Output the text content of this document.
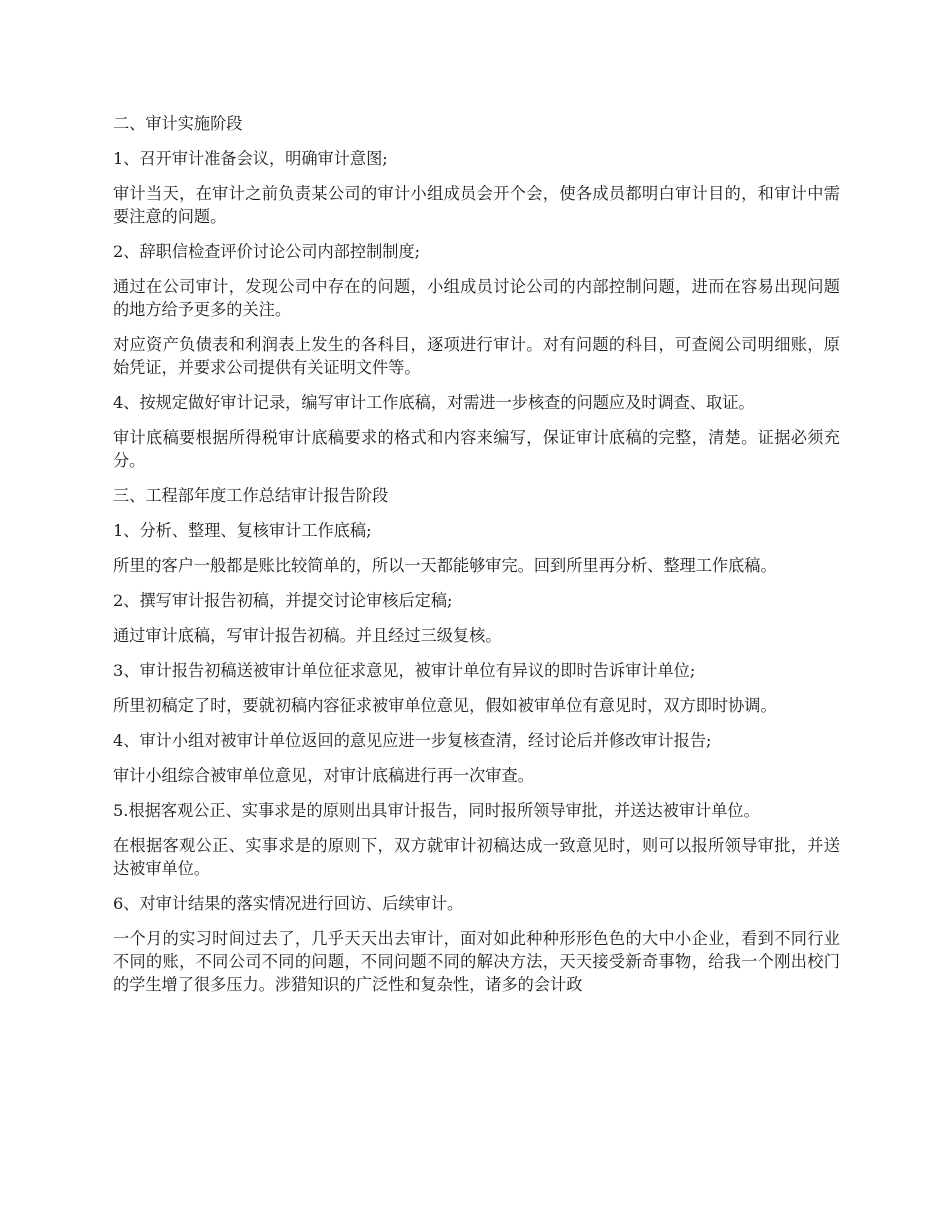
二、审计实施阶段

1、召开审计准备会议，明确审计意图;

审计当天，在审计之前负责某公司的审计小组成员会开个会，使各成员都明白审计目的，和审计中需要注意的问题。

2、辞职信检查评价讨论公司内部控制制度;

通过在公司审计，发现公司中存在的问题，小组成员讨论公司的内部控制问题，进而在容易出现问题的地方给予更多的关注。

对应资产负债表和利润表上发生的各科目，逐项进行审计。对有问题的科目，可查阅公司明细账，原始凭证，并要求公司提供有关证明文件等。

4、按规定做好审计记录，编写审计工作底稿，对需进一步核查的问题应及时调查、取证。

审计底稿要根据所得税审计底稿要求的格式和内容来编写，保证审计底稿的完整，清楚。证据必须充分。

三、工程部年度工作总结审计报告阶段

1、分析、整理、复核审计工作底稿;

所里的客户一般都是账比较简单的，所以一天都能够审完。回到所里再分析、整理工作底稿。

2、撰写审计报告初稿，并提交讨论审核后定稿;

通过审计底稿，写审计报告初稿。并且经过三级复核。

3、审计报告初稿送被审计单位征求意见，被审计单位有异议的即时告诉审计单位;

所里初稿定了时，要就初稿内容征求被审单位意见，假如被审单位有意见时，双方即时协调。

4、审计小组对被审计单位返回的意见应进一步复核查清，经讨论后并修改审计报告;

审计小组综合被审单位意见，对审计底稿进行再一次审查。

5.根据客观公正、实事求是的原则出具审计报告，同时报所领导审批，并送达被审计单位。

在根据客观公正、实事求是的原则下，双方就审计初稿达成一致意见时，则可以报所领导审批，并送达被审单位。

6、对审计结果的落实情况进行回访、后续审计。

一个月的实习时间过去了，几乎天天出去审计，面对如此种种形形色色的大中小企业，看到不同行业不同的账，不同公司不同的问题，不同问题不同的解决方法，天天接受新奇事物，给我一个刚出校门的学生增了很多压力。涉猎知识的广泛性和复杂性，诸多的会计政
